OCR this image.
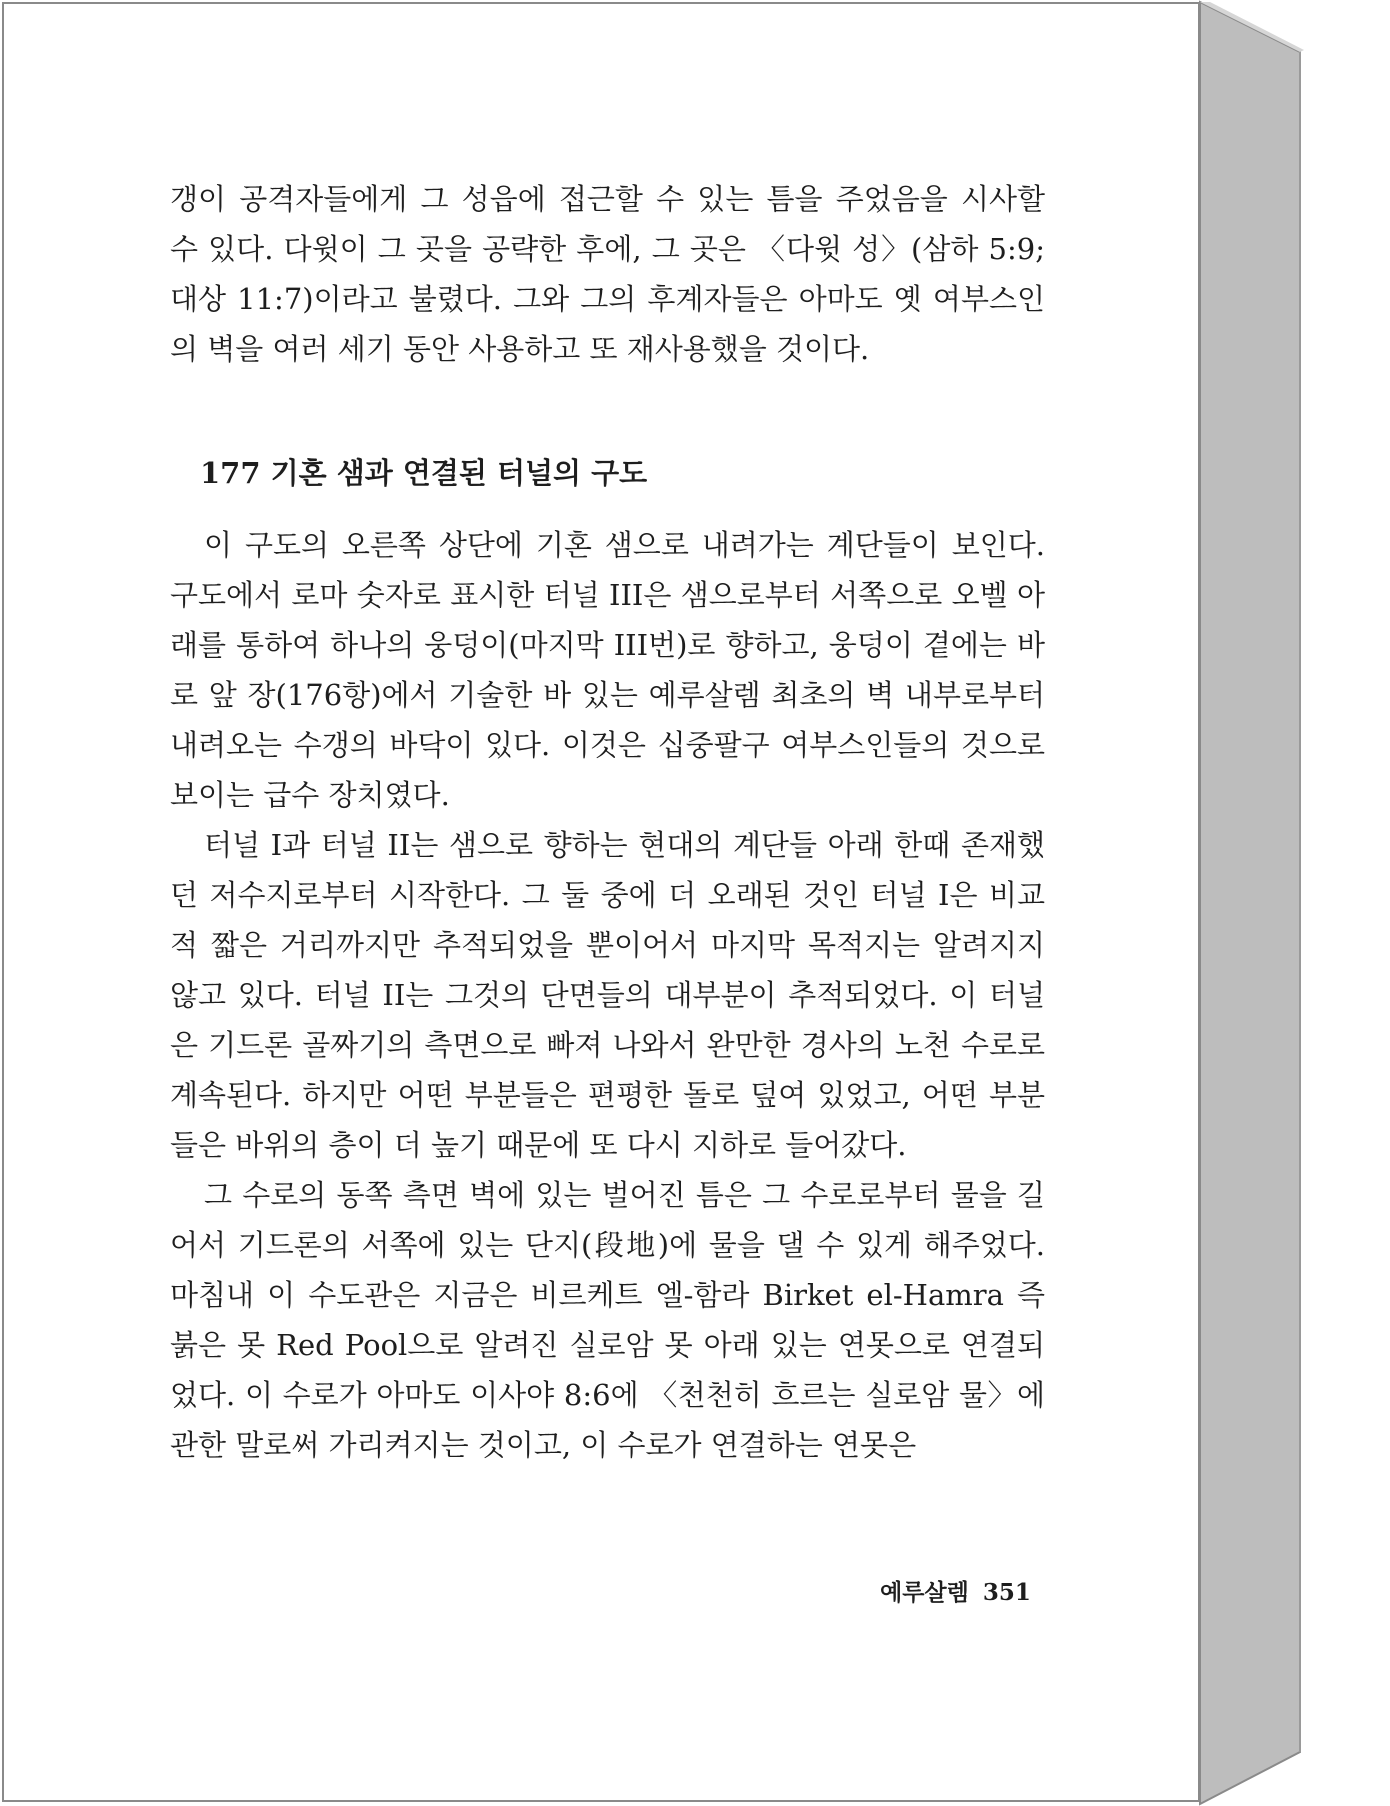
갱이 공격자들에게 그 성읍에 접근할 수 있는 틈을 주었음을 시사할 수 있다. 다윗이 그 곳을 공략한 후에, 그 곳은 〈다윗 성〉(삼하 5:9; 대상 11:7)이라고 불렸다. 그와 그의 후계자들은 아마도 옛 여부스인의 벽을 여러 세기 동안 사용하고 또 재사용했을 것이다.

177 기혼 샘과 연결된 터널의 구도

이 구도의 오른쪽 상단에 기혼 샘으로 내려가는 계단들이 보인다. 구도에서 로마 숫자로 표시한 터널 III은 샘으로부터 서쪽으로 오벨 아래를 통하여 하나의 웅덩이(마지막 III번)로 향하고, 웅덩이 곁에는 바로 앞 장(176항)에서 기술한 바 있는 예루살렘 최초의 벽 내부로부터 내려오는 수갱의 바닥이 있다. 이것은 십중팔구 여부스인들의 것으로 보이는 급수 장치였다.

터널 I과 터널 II는 샘으로 향하는 현대의 계단들 아래 한때 존재했던 저수지로부터 시작한다. 그 둘 중에 더 오래된 것인 터널 I은 비교적 짧은 거리까지만 추적되었을 뿐이어서 마지막 목적지는 알려지지 않고 있다. 터널 II는 그것의 단면들의 대부분이 추적되었다. 이 터널은 기드론 골짜기의 측면으로 빠져 나와서 완만한 경사의 노천 수로로 계속된다. 하지만 어떤 부분들은 편평한 돌로 덮여 있었고, 어떤 부분들은 바위의 층이 더 높기 때문에 또 다시 지하로 들어갔다.

그 수로의 동쪽 측면 벽에 있는 벌어진 틈은 그 수로로부터 물을 길어서 기드론의 서쪽에 있는 단지(段地)에 물을 댈 수 있게 해주었다. 마침내 이 수도관은 지금은 비르케트 엘-함라 Birket el-Hamra 즉 붉은 못 Red Pool으로 알려진 실로암 못 아래 있는 연못으로 연결되었다. 이 수로가 아마도 이사야 8:6에 〈천천히 흐르는 실로암 물〉에 관한 말로써 가리켜지는 것이고, 이 수로가 연결하는 연못은

예루살렘 351
